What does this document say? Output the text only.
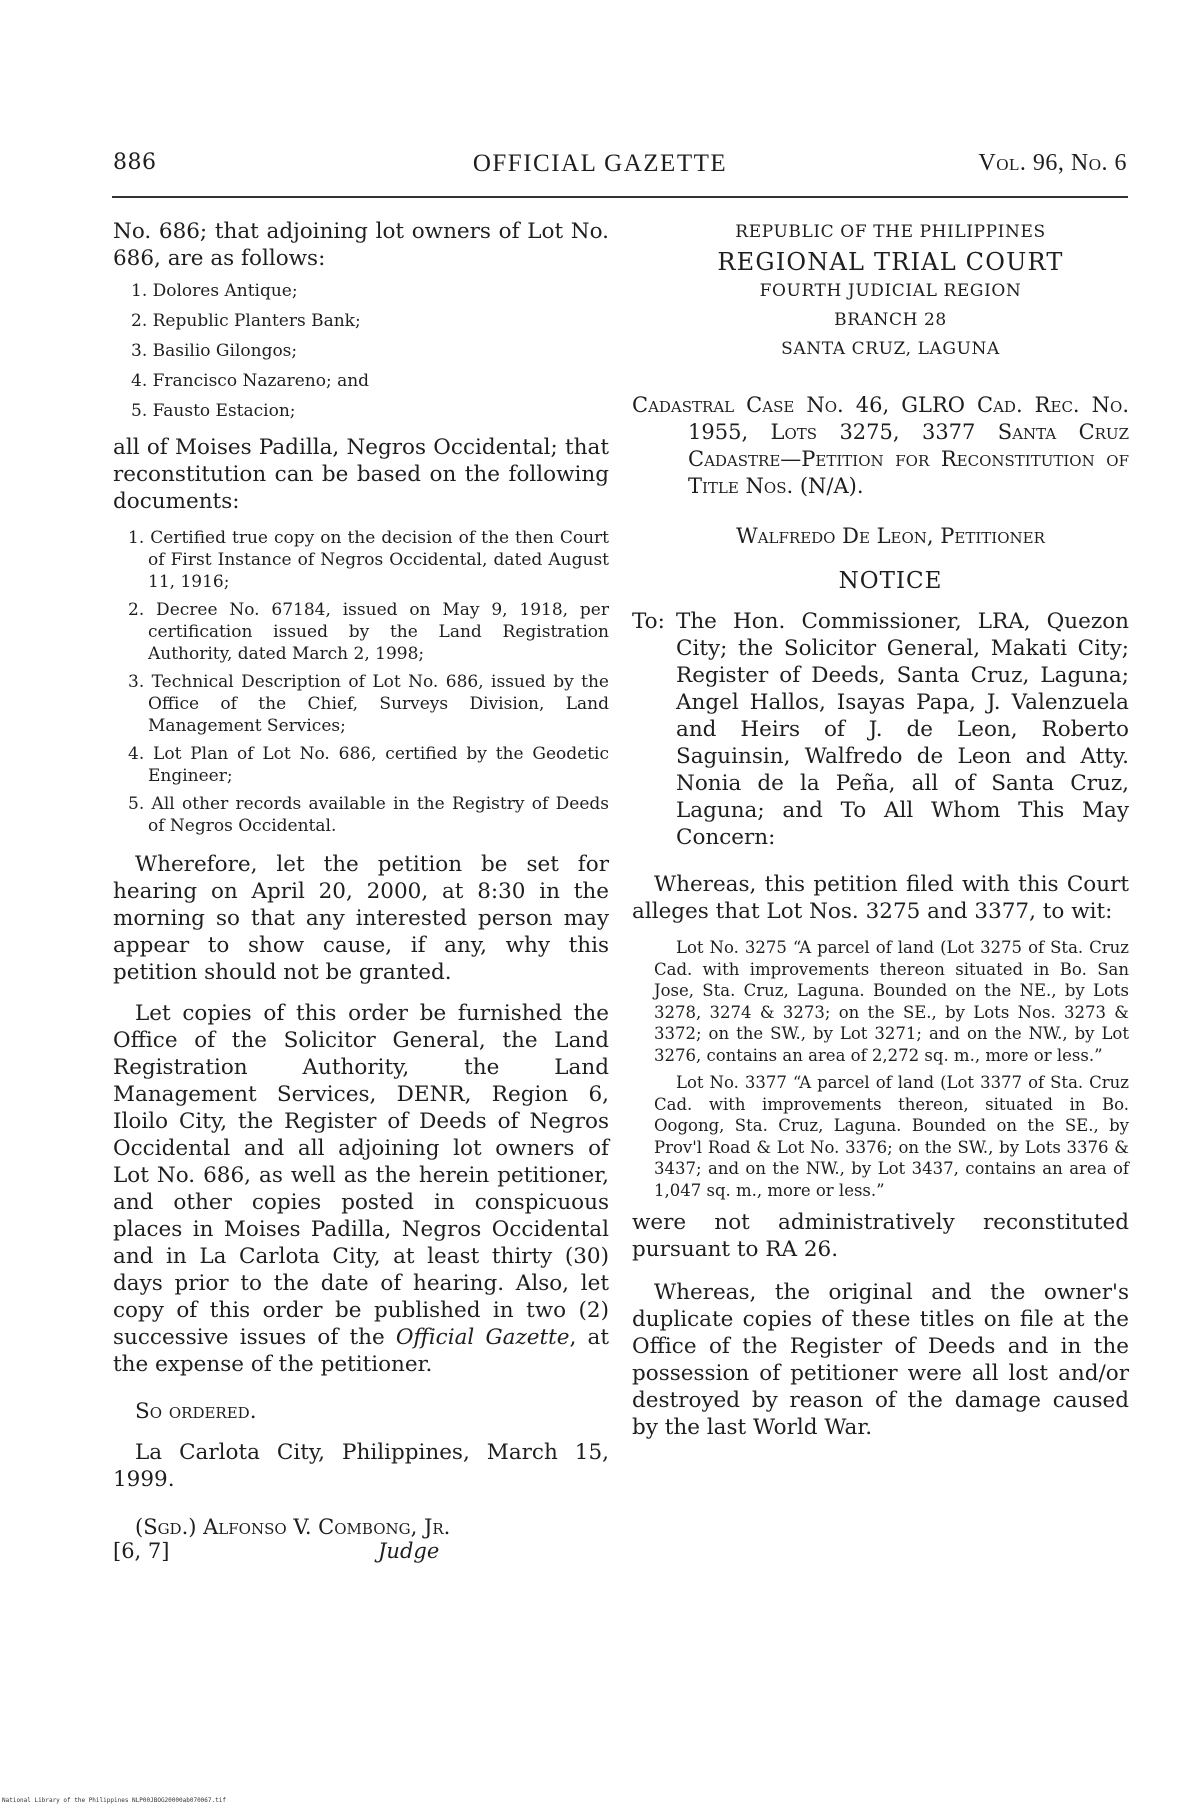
OFFICIAL GAZETTE
886	Vol. 96, No. 6

No. 686; that adjoining lot owners of Lot No. 686, are as follows:

1. Dolores Antique;
2. Republic Planters Bank;
3. Basilio Gilongos;
4. Francisco Nazareno; and
5. Fausto Estacion;

all of Moises Padilla, Negros Occidental; that reconstitution can be based on the following documents:

1. Certified true copy on the decision of the then Court of First Instance of Negros Occidental, dated August 11, 1916;
2. Decree No. 67184, issued on May 9, 1918, per certification issued by the Land Registration Authority, dated March 2, 1998;
3. Technical Description of Lot No. 686, issued by the Office of the Chief, Surveys Division, Land Management Services;
4. Lot Plan of Lot No. 686, certified by the Geodetic Engineer;
5. All other records available in the Registry of Deeds of Negros Occidental.

Wherefore, let the petition be set for hearing on April 20, 2000, at 8:30 in the morning so that any interested person may appear to show cause, if any, why this petition should not be granted.

Let copies of this order be furnished the Office of the Solicitor General, the Land Registration Authority, the Land Management Services, DENR, Region 6, Iloilo City, the Register of Deeds of Negros Occidental and all adjoining lot owners of Lot No. 686, as well as the herein petitioner, and other copies posted in conspicuous places in Moises Padilla, Negros Occidental and in La Carlota City, at least thirty (30) days prior to the date of hearing. Also, let copy of this order be published in two (2) successive issues of the Official Gazette, at the expense of the petitioner.

So ordered.

La Carlota City, Philippines, March 15, 1999.

(Sgd.) Alfonso V. Combong, Jr.
[6, 7]	Judge
REPUBLIC OF THE PHILIPPINES
REGIONAL TRIAL COURT
FOURTH JUDICIAL REGION
BRANCH 28
SANTA CRUZ, LAGUNA

Cadastral Case No. 46, GLRO Cad. Rec. No. 1955, Lots 3275, 3377 Santa Cruz Cadastre—Petition for Reconstitution of Title Nos. (N/A).

Walfredo De Leon, Petitioner
NOTICE
To: The Hon. Commissioner, LRA, Quezon City; the Solicitor General, Makati City; Register of Deeds, Santa Cruz, Laguna; Angel Hallos, Isayas Papa, J. Valenzuela and Heirs of J. de Leon, Roberto Saguinsin, Walfredo de Leon and Atty. Nonia de la Peña, all of Santa Cruz, Laguna; and To All Whom This May Concern:

Whereas, this petition filed with this Court alleges that Lot Nos. 3275 and 3377, to wit:

Lot No. 3275 “A parcel of land (Lot 3275 of Sta. Cruz Cad. with improvements thereon situated in Bo. San Jose, Sta. Cruz, Laguna. Bounded on the NE., by Lots 3278, 3274 & 3273; on the SE., by Lots Nos. 3273 & 3372; on the SW., by Lot 3271; and on the NW., by Lot 3276, contains an area of 2,272 sq. m., more or less.”

Lot No. 3377 “A parcel of land (Lot 3377 of Sta. Cruz Cad. with improvements thereon, situated in Bo. Oogong, Sta. Cruz, Laguna. Bounded on the SE., by Prov'l Road & Lot No. 3376; on the SW., by Lots 3376 & 3437; and on the NW., by Lot 3437, contains an area of 1,047 sq. m., more or less.”

were not administratively reconstituted pursuant to RA 26.

Whereas, the original and the owner's duplicate copies of these titles on file at the Office of the Register of Deeds and in the possession of petitioner were all lost and/or destroyed by reason of the damage caused by the last World War.

National Library of the Philippines NLP00JBOG20000ab070067.tif
